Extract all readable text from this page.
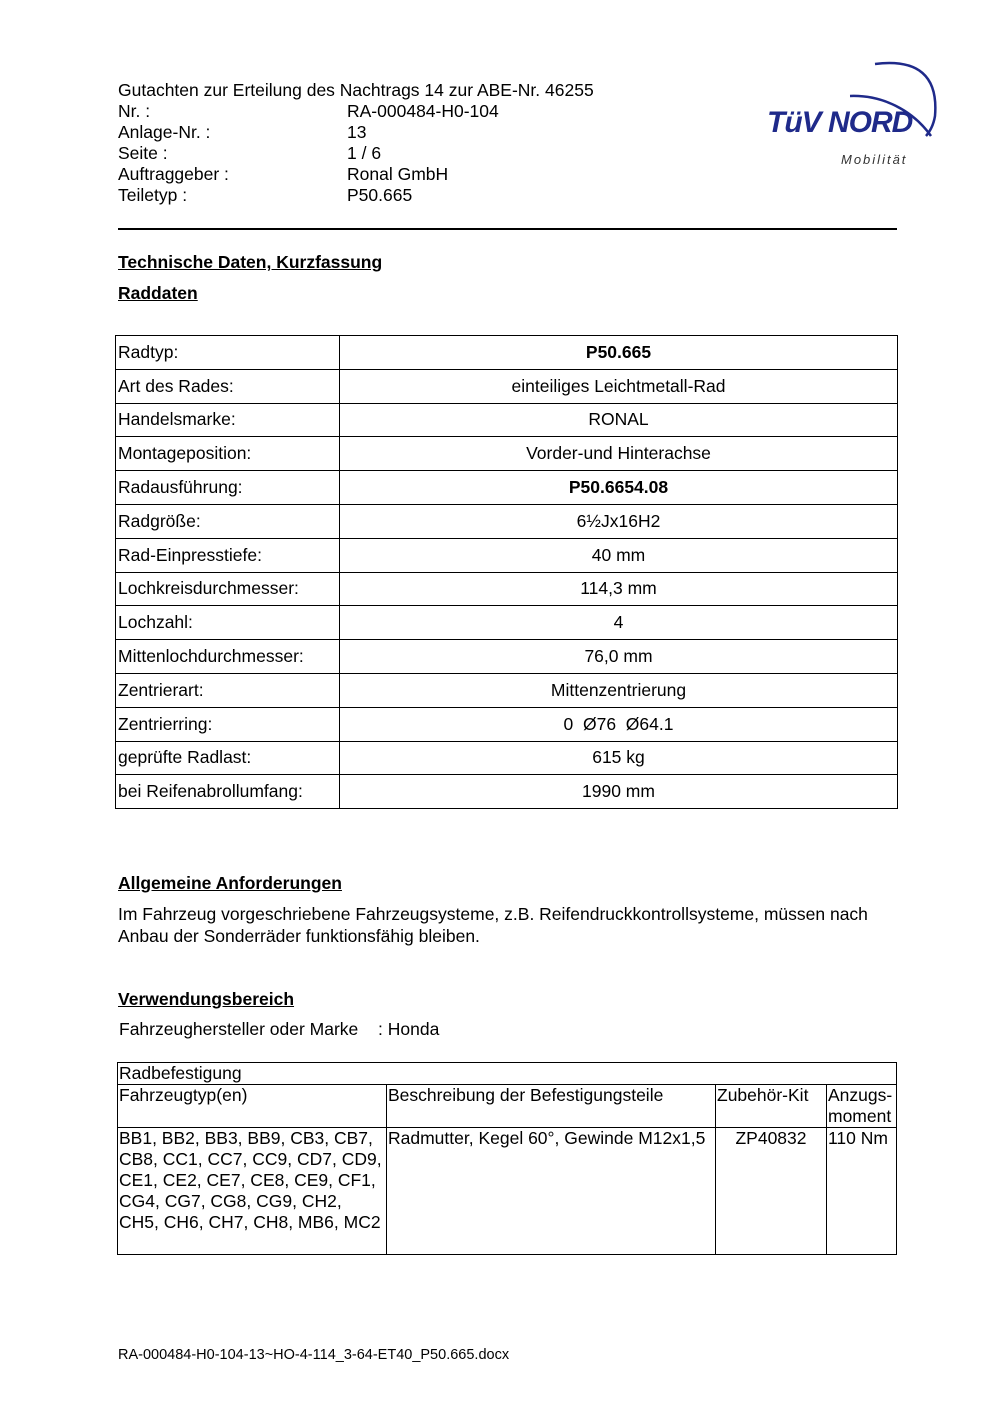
Gutachten zur Erteilung des Nachtrags 14 zur ABE-Nr. 46255
Nr. :	RA-000484-H0-104
Anlage-Nr. :	13
Seite :	1 / 6
Auftraggeber :	Ronal GmbH
Teiletyp :	P50.665
TüV NORD
Mobilität
Technische Daten, Kurzfassung
Raddaten
Radtyp:	P50.665
Art des Rades:	einteiliges Leichtmetall-Rad
Handelsmarke:	RONAL
Montageposition:	Vorder-und Hinterachse
Radausführung:	P50.6654.08
Radgröße:	6½Jx16H2
Rad-Einpresstiefe:	40 mm
Lochkreisdurchmesser:	114,3 mm
Lochzahl:	4
Mittenlochdurchmesser:	76,0 mm
Zentrierart:	Mittenzentrierung
Zentrierring:	0  Ø76  Ø64.1
geprüfte Radlast:	615 kg
bei Reifenabrollumfang:	1990 mm
Allgemeine Anforderungen
Im Fahrzeug vorgeschriebene Fahrzeugsysteme, z.B. Reifendruckkontrollsysteme, müssen nach Anbau der Sonderräder funktionsfähig bleiben.
Verwendungsbereich
Fahrzeughersteller oder Marke : Honda
Radbefestigung			
Fahrzeugtyp(en)	Beschreibung der Befestigungsteile	Zubehör-Kit	Anzugs-moment
BB1, BB2, BB3, BB9, CB3, CB7, CB8, CC1, CC7, CC9, CD7, CD9, CE1, CE2, CE7, CE8, CE9, CF1, CG4, CG7, CG8, CG9, CH2, CH5, CH6, CH7, CH8, MB6, MC2	Radmutter, Kegel 60°, Gewinde M12x1,5	ZP40832	110 Nm
RA-000484-H0-104-13~HO-4-114_3-64-ET40_P50.665.docx
